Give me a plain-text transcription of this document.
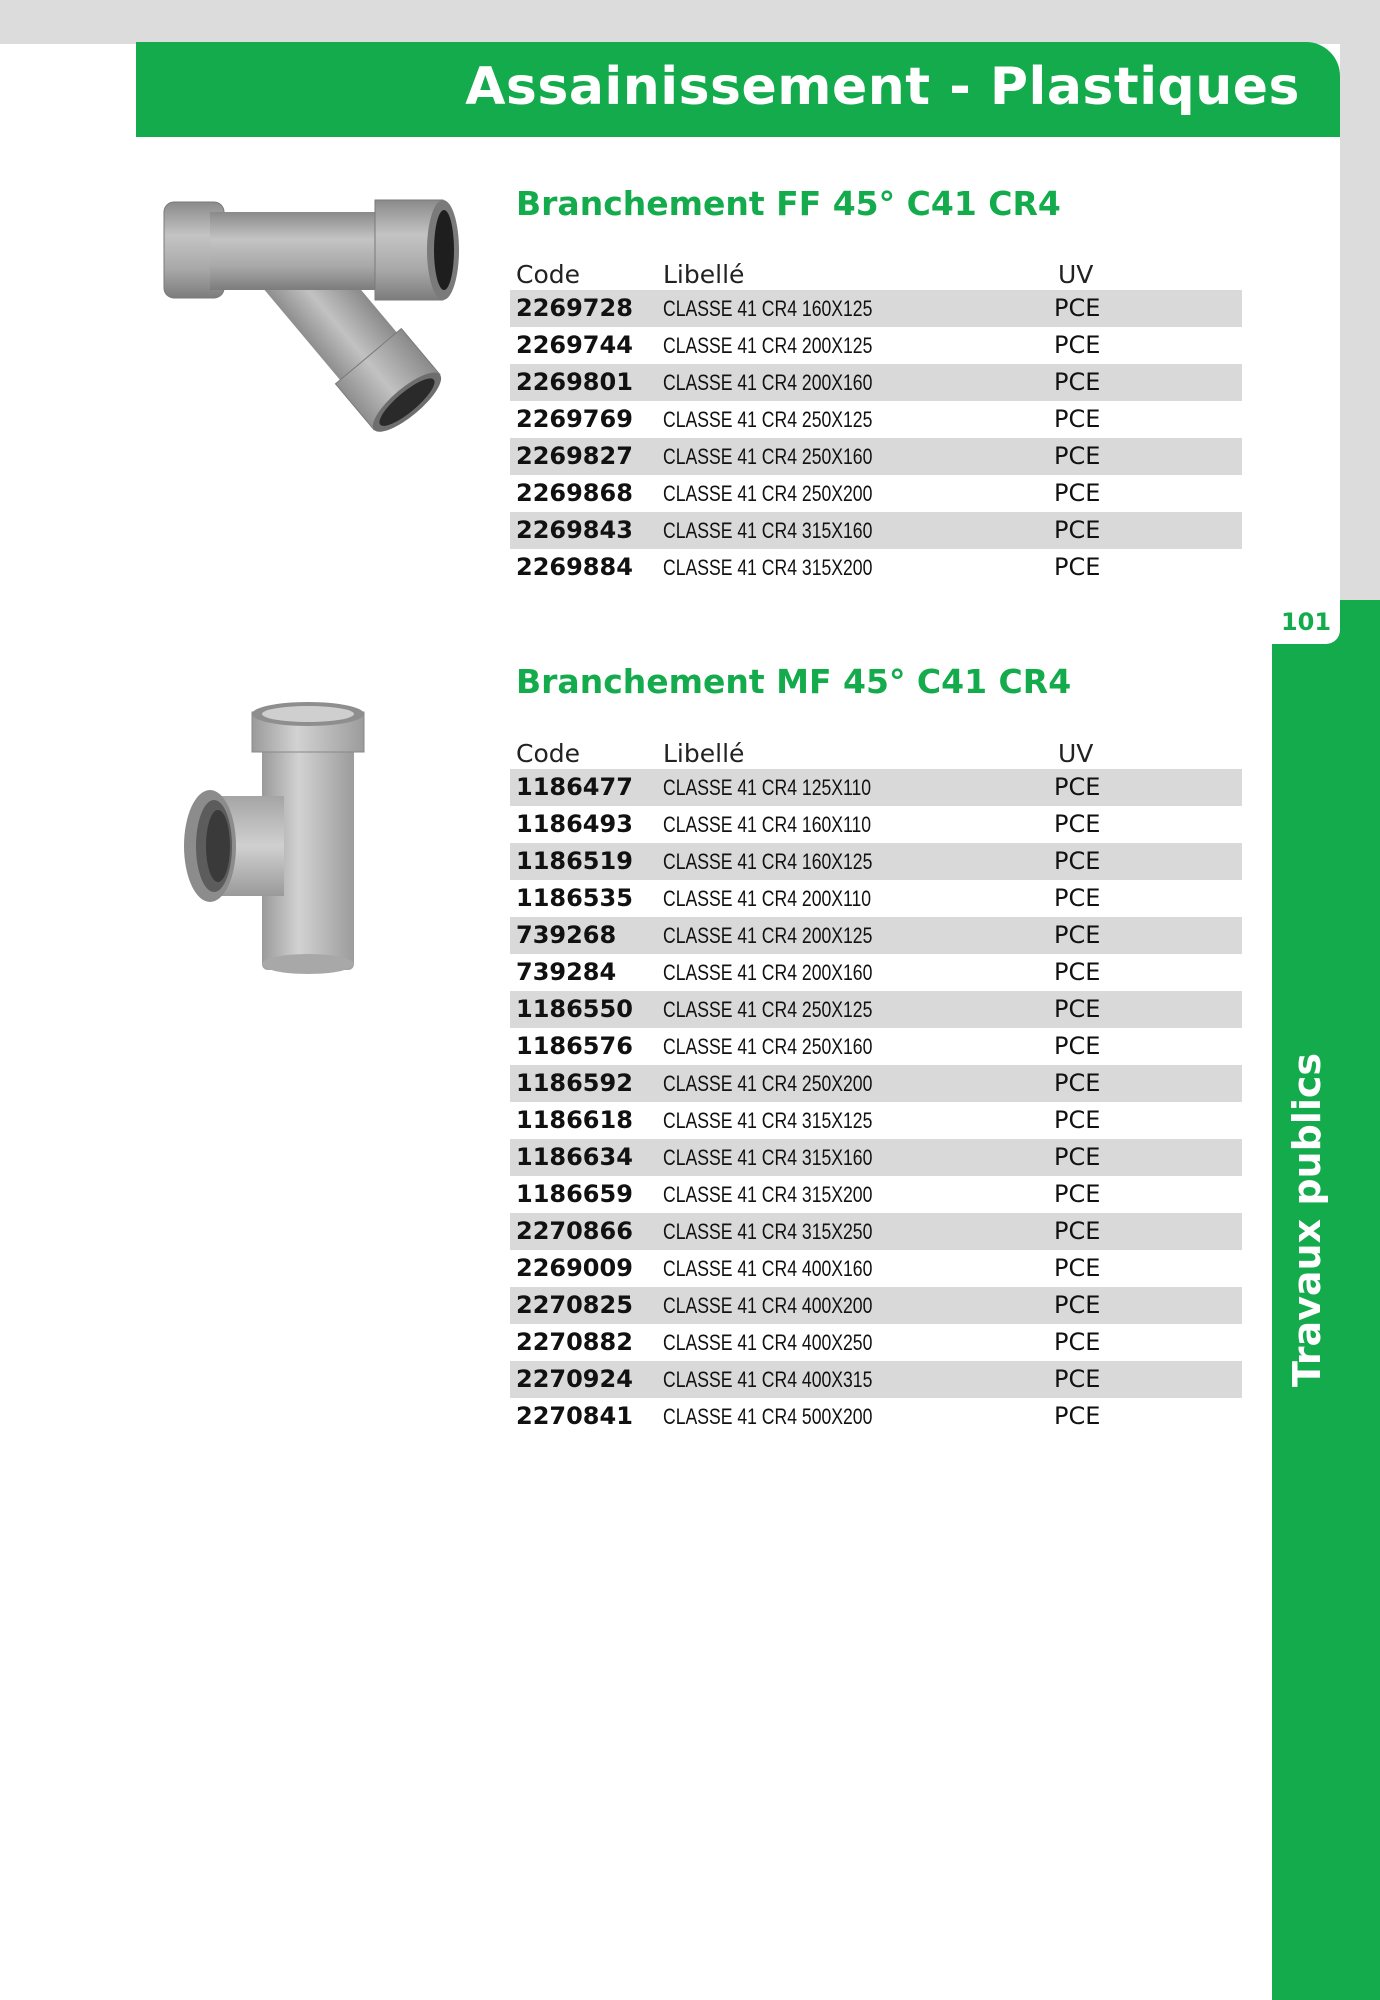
Assainissement - Plastiques
101
Travaux publics
Branchement FF 45° C41 CR4
Code	Libellé	UV
2269728 CLASSE 41 CR4 160X125	PCE
2269744 CLASSE 41 CR4 200X125	PCE
2269801 CLASSE 41 CR4 200X160	PCE
2269769 CLASSE 41 CR4 250X125	PCE
2269827 CLASSE 41 CR4 250X160	PCE
2269868 CLASSE 41 CR4 250X200	PCE
2269843 CLASSE 41 CR4 315X160	PCE
2269884 CLASSE 41 CR4 315X200	PCE
Branchement MF 45° C41 CR4
Code	Libellé	UV
1186477 CLASSE 41 CR4 125X110	PCE
1186493 CLASSE 41 CR4 160X110	PCE
1186519 CLASSE 41 CR4 160X125	PCE
1186535 CLASSE 41 CR4 200X110	PCE
739268 CLASSE 41 CR4 200X125	PCE
739284 CLASSE 41 CR4 200X160	PCE
1186550 CLASSE 41 CR4 250X125	PCE
1186576 CLASSE 41 CR4 250X160	PCE
1186592 CLASSE 41 CR4 250X200	PCE
1186618 CLASSE 41 CR4 315X125	PCE
1186634 CLASSE 41 CR4 315X160	PCE
1186659 CLASSE 41 CR4 315X200	PCE
2270866 CLASSE 41 CR4 315X250	PCE
2269009 CLASSE 41 CR4 400X160	PCE
2270825 CLASSE 41 CR4 400X200	PCE
2270882 CLASSE 41 CR4 400X250	PCE
2270924 CLASSE 41 CR4 400X315	PCE
2270841 CLASSE 41 CR4 500X200	PCE
